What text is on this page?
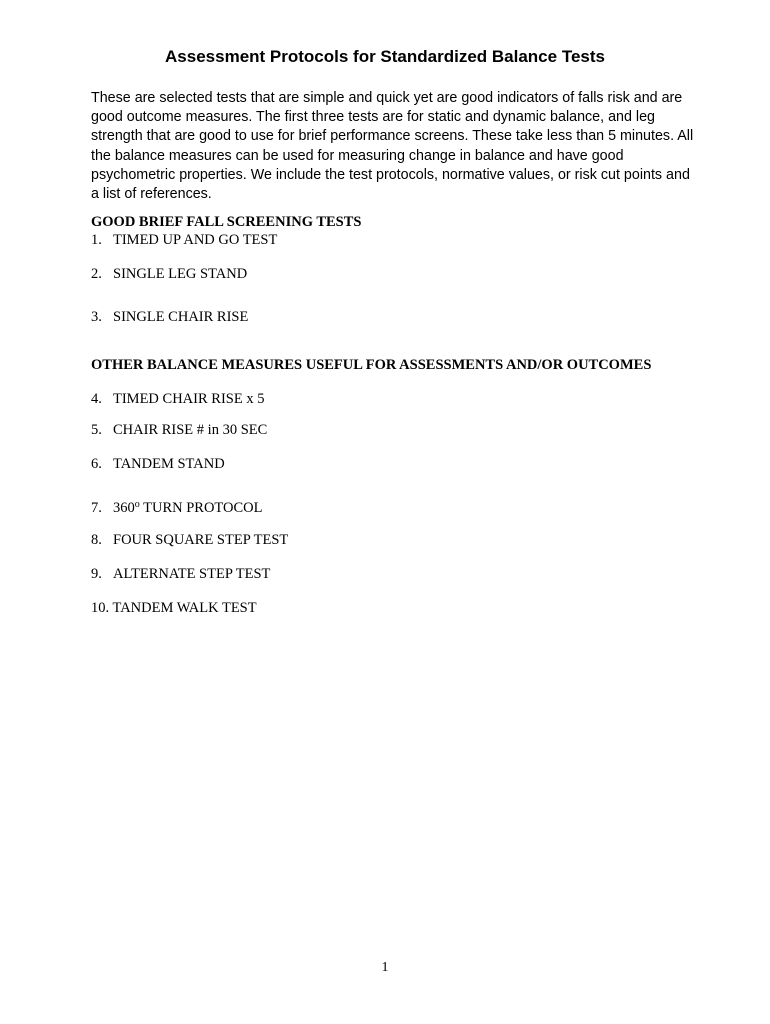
Assessment Protocols for Standardized Balance Tests
These are selected tests that are simple and quick yet are good indicators of falls risk and are good outcome measures. The first three tests are for static and dynamic balance, and leg strength that are good to use for brief performance screens. These take less than 5 minutes. All the balance measures can be used for measuring change in balance and have good psychometric properties. We include the test protocols, normative values, or risk cut points and a list of references.
GOOD BRIEF FALL SCREENING TESTS
1. TIMED UP AND GO TEST
2. SINGLE LEG STAND
3. SINGLE CHAIR RISE
OTHER BALANCE MEASURES USEFUL FOR ASSESSMENTS AND/OR OUTCOMES
4. TIMED CHAIR RISE x 5
5. CHAIR RISE # in 30 SEC
6. TANDEM STAND
7. 360$^o$ TURN PROTOCOL
8. FOUR SQUARE STEP TEST
9. ALTERNATE STEP TEST
10. TANDEM WALK TEST
1
